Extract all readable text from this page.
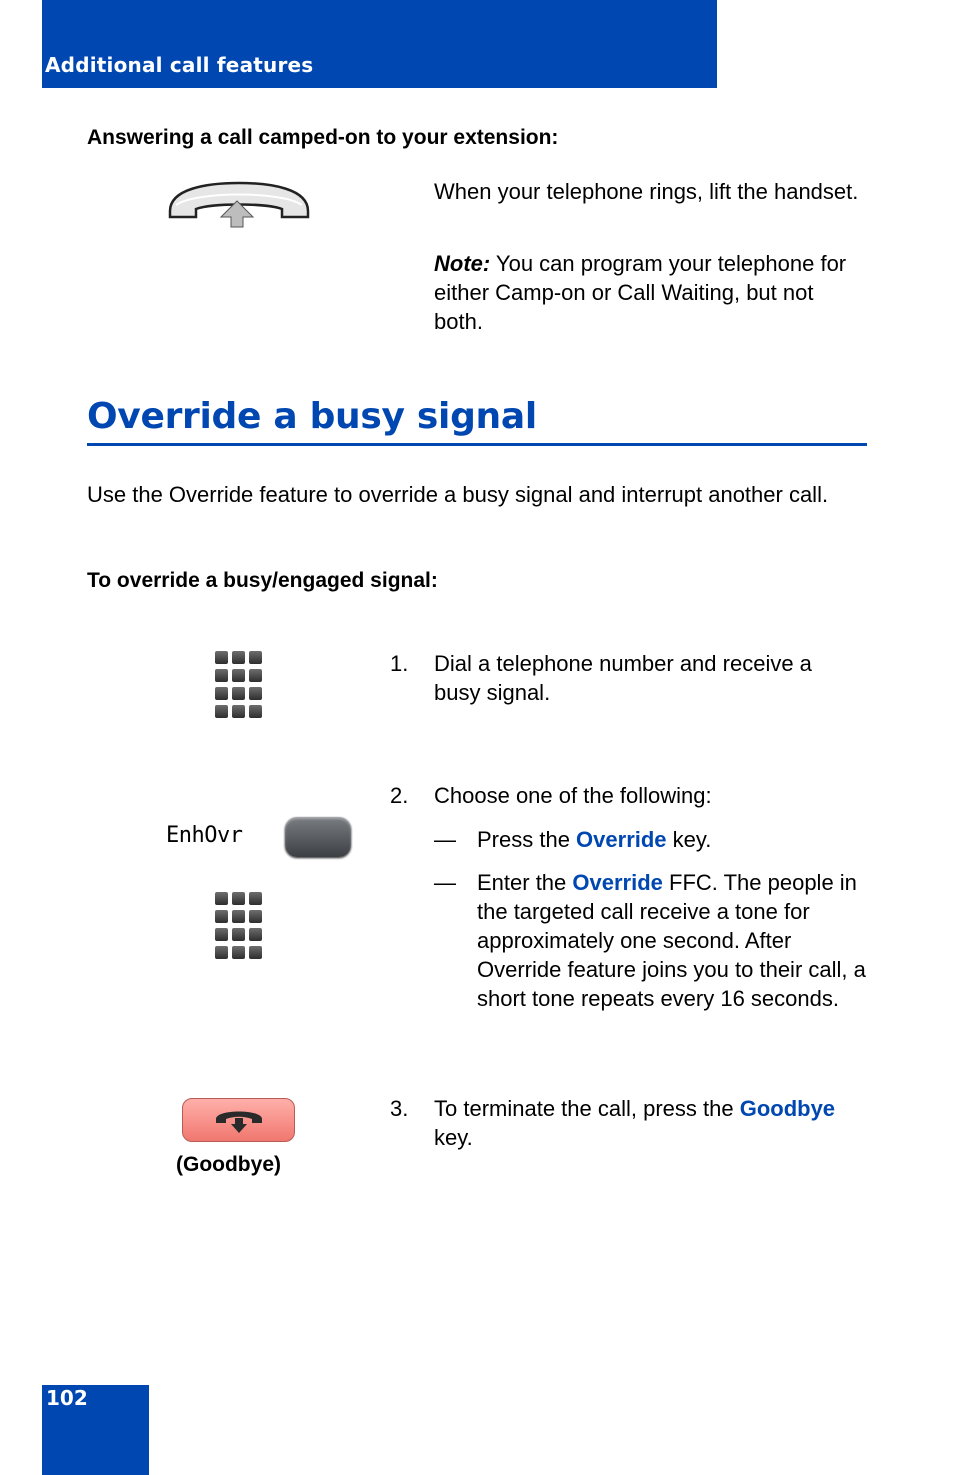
Additional call features

Answering a call camped-on to your extension:

When your telephone rings, lift the handset.

Note: You can program your telephone for either Camp-on or Call Waiting, but not both.

Override a busy signal

Use the Override feature to override a busy signal and interrupt another call.

To override a busy/engaged signal:

1. Dial a telephone number and receive a busy signal.

2. Choose one of the following:

EnhOvr	— Press the Override key.

— Enter the Override FFC. The people in the targeted call receive a tone for approximately one second. After Override feature joins you to their call, a short tone repeats every 16 seconds.

(Goodbye)

3. To terminate the call, press the Goodbye key.

102
